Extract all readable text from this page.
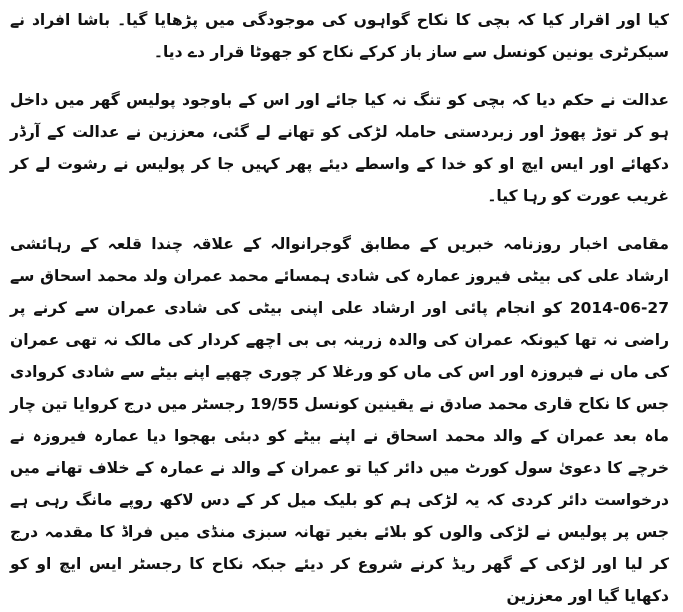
کیا اور اقرار کیا کہ بچی کا نکاح گواہوں کی موجودگی میں پڑھایا گیا۔ باشا افراد نے سیکرٹری یونین کونسل سے ساز باز کرکے نکاح کو جھوٹا قرار دے دیا۔

عدالت نے حکم دیا کہ بچی کو تنگ نہ کیا جائے اور اس کے باوجود پولیس گھر میں داخل ہو کر توڑ پھوڑ اور زبردستی حاملہ لڑکی کو تھانے لے گئی، معززین نے عدالت کے آرڈر دکھائے اور ایس ایچ او کو خدا کے واسطے دیئے پھر کہیں جا کر پولیس نے رشوت لے کر غریب عورت کو رہا کیا۔

مقامی اخبار روزنامہ خبریں کے مطابق گوجرانوالہ کے علاقہ چندا قلعہ کے رہائشی ارشاد علی کی بیٹی فیروز عمارہ کی شادی ہمسائے محمد عمران ولد محمد اسحاق سے 27-06-2014 کو انجام پائی اور ارشاد علی اپنی بیٹی کی شادی عمران سے کرنے پر راضی نہ تھا کیونکہ عمران کی والدہ زرینہ بی بی اچھے کردار کی مالک نہ تھی عمران کی ماں نے فیروزہ اور اس کی ماں کو ورغلا کر چوری چھپے اپنے بیٹے سے شادی کروادی جس کا نکاح قاری محمد صادق نے یقینین کونسل 19/55 رجسٹر میں درج کروایا تین چار ماہ بعد عمران کے والد محمد اسحاق نے اپنے بیٹے کو دبئی بھجوا دیا عمارہ فیروزہ نے خرچے کا دعویٰ سول کورٹ میں دائر کیا تو عمران کے والد نے عمارہ کے خلاف تھانے میں درخواست دائر کردی کہ یہ لڑکی ہم کو بلیک میل کر کے دس لاکھ روپے مانگ رہی ہے جس پر پولیس نے لڑکی والوں کو بلائے بغیر تھانہ سبزی منڈی میں فراڈ کا مقدمہ درج کر لیا اور لڑکی کے گھر ریڈ کرنے شروع کر دیئے جبکہ نکاح کا رجسٹر ایس ایچ او کو دکھایا گیا اور معززین
